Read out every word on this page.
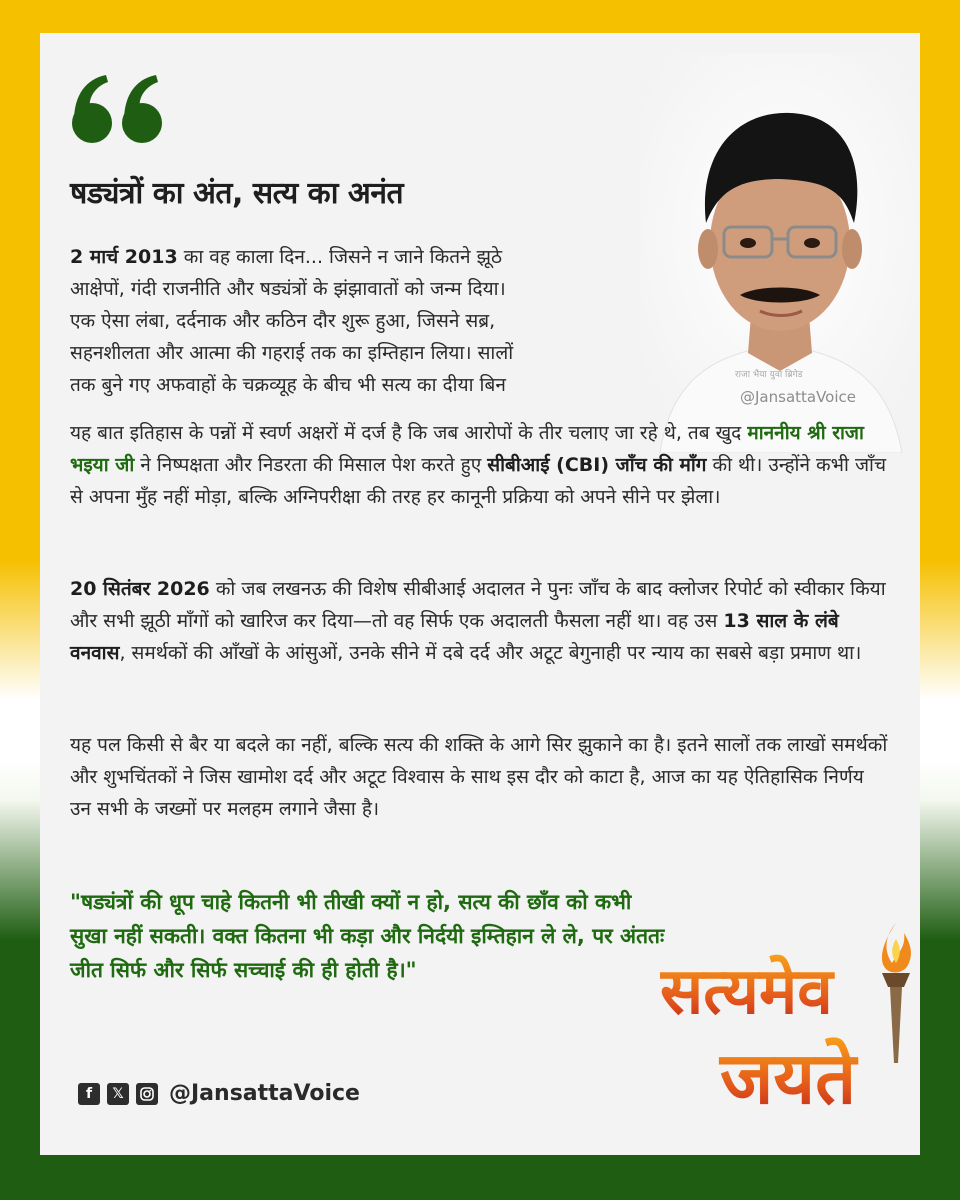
षड्यंत्रों का अंत, सत्य का अनंत

2 मार्च 2013 का वह काला दिन... जिसने न जाने कितने झूठे
आक्षेपों, गंदी राजनीति और षड्यंत्रों के झंझावातों को जन्म दिया।
एक ऐसा लंबा, दर्दनाक और कठिन दौर शुरू हुआ, जिसने सब्र,
सहनशीलता और आत्मा की गहराई तक का इम्तिहान लिया। सालों
तक बुने गए अफवाहों के चक्रव्यूह के बीच भी सत्य का दीया बिन	राजा भैया युवा ब्रिगेड
@JansattaVoice

यह बात इतिहास के पन्नों में स्वर्ण अक्षरों में दर्ज है कि जब आरोपों के तीर चलाए जा रहे थे, तब खुद माननीय श्री राजा भइया जी ने निष्पक्षता और निडरता की मिसाल पेश करते हुए सीबीआई (CBI) जाँच की माँग की थी। उन्होंने कभी जाँच से अपना मुँह नहीं मोड़ा, बल्कि अग्निपरीक्षा की तरह हर कानूनी प्रक्रिया को अपने सीने पर झेला।

20 सितंबर 2026 को जब लखनऊ की विशेष सीबीआई अदालत ने पुनः जाँच के बाद क्लोजर रिपोर्ट को स्वीकार किया और सभी झूठी माँगों को खारिज कर दिया—तो वह सिर्फ एक अदालती फैसला नहीं था। वह उस 13 साल के लंबे वनवास, समर्थकों की आँखों के आंसुओं, उनके सीने में दबे दर्द और अटूट बेगुनाही पर न्याय का सबसे बड़ा प्रमाण था।

यह पल किसी से बैर या बदले का नहीं, बल्कि सत्य की शक्ति के आगे सिर झुकाने का है। इतने सालों तक लाखों समर्थकों और शुभचिंतकों ने जिस खामोश दर्द और अटूट विश्वास के साथ इस दौर को काटा है, आज का यह ऐतिहासिक निर्णय उन सभी के जख्मों पर मलहम लगाने जैसा है।

"षड्यंत्रों की धूप चाहे कितनी भी तीखी क्यों न हो, सत्य की छाँव को कभी सुखा नहीं सकती। वक्त कितना भी कड़ा और निर्दयी इम्तिहान ले ले, पर अंततः जीत सिर्फ और सिर्फ सच्चाई की ही होती है।"	सत्यमेव
जयते
f	𝕏 @JansattaVoice
